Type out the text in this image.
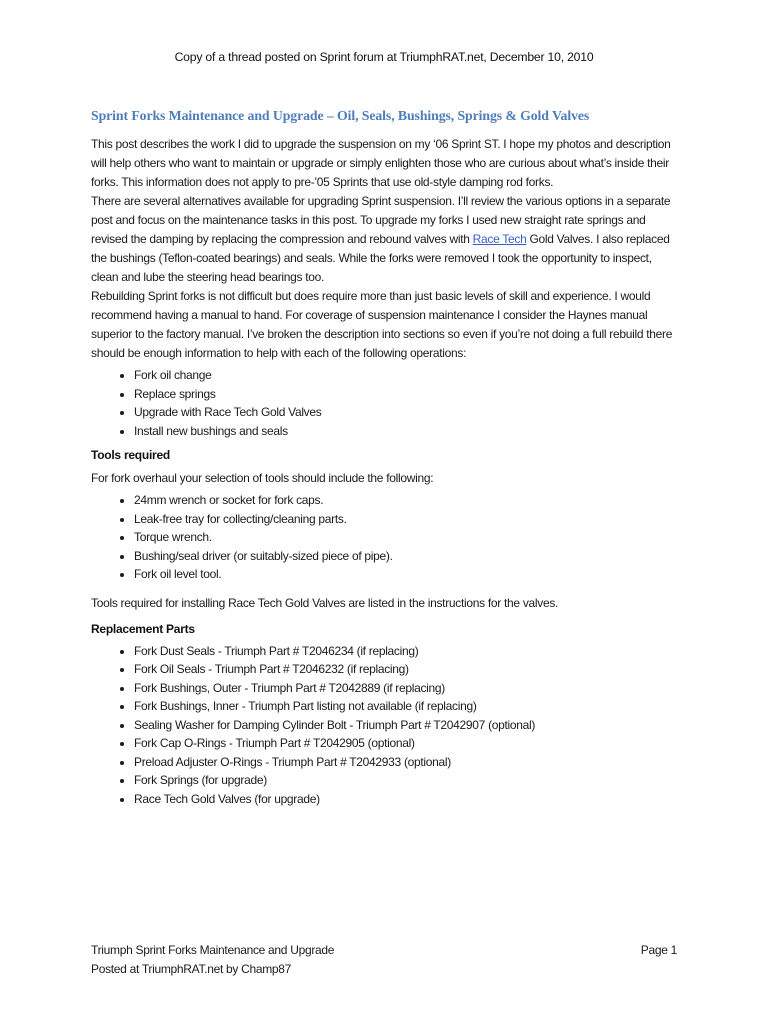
Copy of a thread posted on Sprint forum at TriumphRAT.net, December 10, 2010
Sprint Forks Maintenance and Upgrade – Oil, Seals, Bushings, Springs & Gold Valves

This post describes the work I did to upgrade the suspension on my ‘06 Sprint ST. I hope my photos and description will help others who want to maintain or upgrade or simply enlighten those who are curious about what’s inside their forks. This information does not apply to pre-’05 Sprints that use old-style damping rod forks.

There are several alternatives available for upgrading Sprint suspension. I’ll review the various options in a separate post and focus on the maintenance tasks in this post. To upgrade my forks I used new straight rate springs and revised the damping by replacing the compression and rebound valves with Race Tech Gold Valves. I also replaced the bushings (Teflon-coated bearings) and seals. While the forks were removed I took the opportunity to inspect, clean and lube the steering head bearings too.

Rebuilding Sprint forks is not difficult but does require more than just basic levels of skill and experience. I would recommend having a manual to hand. For coverage of suspension maintenance I consider the Haynes manual superior to the factory manual. I’ve broken the description into sections so even if you’re not doing a full rebuild there should be enough information to help with each of the following operations:

• Fork oil change
• Replace springs
• Upgrade with Race Tech Gold Valves
• Install new bushings and seals
Tools required

For fork overhaul your selection of tools should include the following:

• 24mm wrench or socket for fork caps.
• Leak-free tray for collecting/cleaning parts.
• Torque wrench.
• Bushing/seal driver (or suitably-sized piece of pipe).
• Fork oil level tool.

Tools required for installing Race Tech Gold Valves are listed in the instructions for the valves.

Replacement Parts
• Fork Dust Seals - Triumph Part # T2046234 (if replacing)
• Fork Oil Seals - Triumph Part # T2046232 (if replacing)
• Fork Bushings, Outer - Triumph Part # T2042889 (if replacing)
• Fork Bushings, Inner - Triumph Part listing not available (if replacing)
• Sealing Washer for Damping Cylinder Bolt - Triumph Part # T2042907 (optional)
• Fork Cap O-Rings - Triumph Part # T2042905 (optional)
• Preload Adjuster O-Rings - Triumph Part # T2042933 (optional)
• Fork Springs (for upgrade)
• Race Tech Gold Valves (for upgrade)
Triumph Sprint Forks Maintenance and Upgrade
Posted at TriumphRAT.net by Champ87
Page 1
